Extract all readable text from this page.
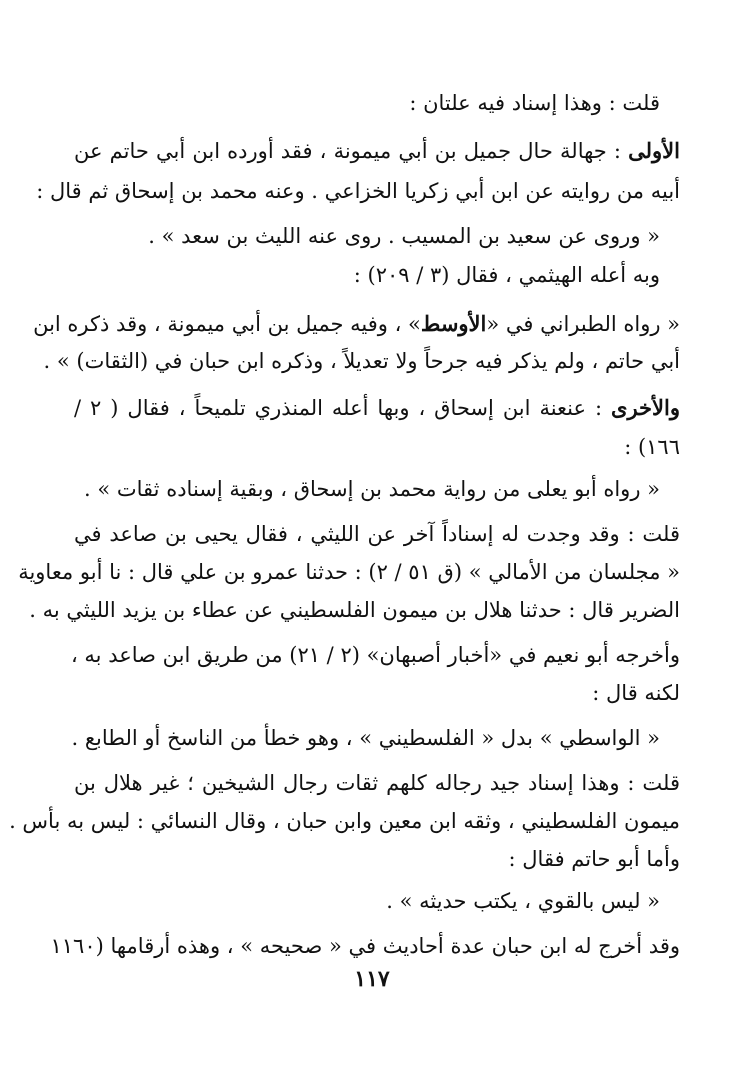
قلت : وهذا إسناد فيه علتان :
الأولى : جهالة حال جميل بن أبي ميمونة ، فقد أورده ابن أبي حاتم عن
أبيه من روايته عن ابن أبي زكريا الخزاعي . وعنه محمد بن إسحاق ثم قال :
« وروى عن سعيد بن المسيب . روى عنه الليث بن سعد » .
وبه أعله الهيثمي ، فقال (٣ / ٢٠٩) :
« رواه الطبراني في «الأوسط» ، وفيه جميل بن أبي ميمونة ، وقد ذكره ابن
أبي حاتم ، ولم يذكر فيه جرحاً ولا تعديلاً ، وذكره ابن حبان في (الثقات) » .
والأخرى : عنعنة ابن إسحاق ، وبها أعله المنذري تلميحاً ، فقال ( ٢ /
١٦٦) :
« رواه أبو يعلى من رواية محمد بن إسحاق ، وبقية إسناده ثقات » .
قلت : وقد وجدت له إسناداً آخر عن الليثي ، فقال يحيى بن صاعد في
« مجلسان من الأمالي » (ق ٥١ / ٢) : حدثنا عمرو بن علي قال : نا أبو معاوية
الضرير قال : حدثنا هلال بن ميمون الفلسطيني عن عطاء بن يزيد الليثي به .
وأخرجه أبو نعيم في «أخبار أصبهان» (٢ / ٢١) من طريق ابن صاعد به ،
لكنه قال :
« الواسطي » بدل « الفلسطيني » ، وهو خطأ من الناسخ أو الطابع .
قلت : وهذا إسناد جيد رجاله كلهم ثقات رجال الشيخين ؛ غير هلال بن
ميمون الفلسطيني ، وثقه ابن معين وابن حبان ، وقال النسائي : ليس به بأس .
وأما أبو حاتم فقال :
« ليس بالقوي ، يكتب حديثه » .
وقد أخرج له ابن حبان عدة أحاديث في « صحيحه » ، وهذه أرقامها (١١٦٠
١١٧
